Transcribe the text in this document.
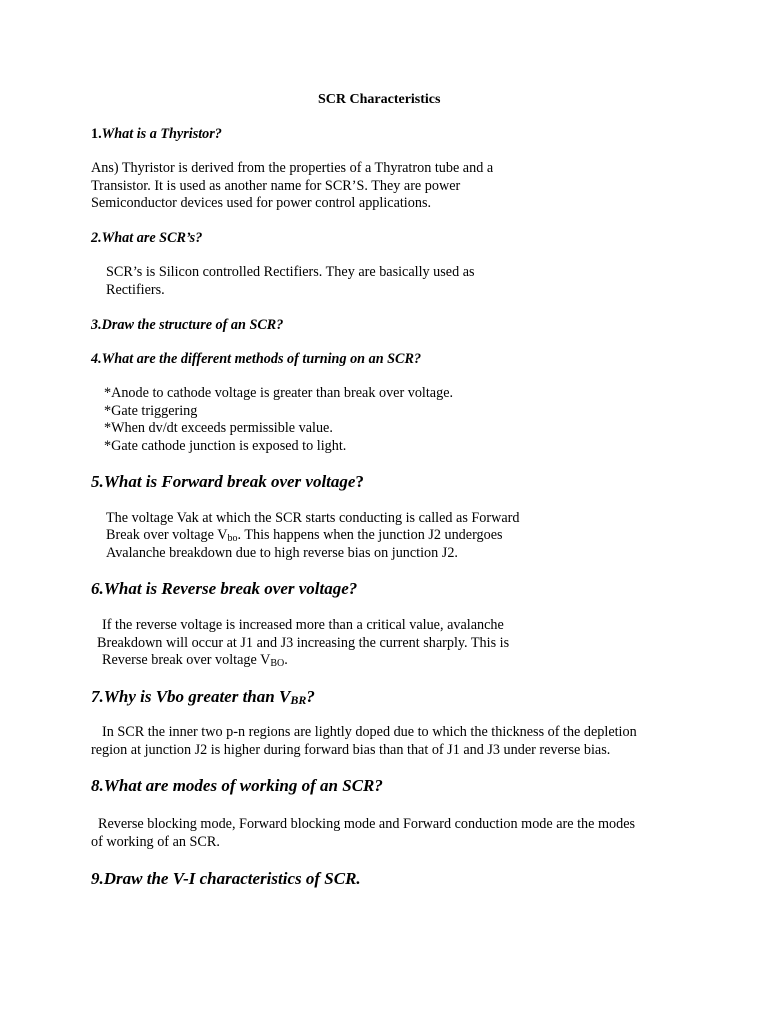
SCR Characteristics
1.What is a Thyristor?
Ans) Thyristor is derived from the properties of a Thyratron tube and a
Transistor. It is used as another name for SCR’S. They are power
Semiconductor devices used for power control applications.
2.What are SCR’s?
SCR’s is Silicon controlled Rectifiers. They are basically used as
Rectifiers.
3.Draw the structure of an SCR?
4.What are the different methods of turning on an SCR?
*Anode to cathode voltage is greater than break over voltage.
*Gate triggering
*When dv/dt exceeds permissible value.
*Gate cathode junction is exposed to light.
5.What is Forward break over voltage?
The voltage Vak at which the SCR starts conducting is called as Forward
Break over voltage $V_{bo}$. This happens when the junction J2 undergoes
Avalanche breakdown due to high reverse bias on junction J2.
6.What is Reverse break over voltage?
If the reverse voltage is increased more than a critical value, avalanche
Breakdown will occur at J1 and J3 increasing the current sharply. This is
Reverse break over voltage $V_{BO}$.
7.Why is Vbo greater than $V_{BR}$?
In SCR the inner two p-n regions are lightly doped due to which the thickness of the depletion
region at junction J2 is higher during forward bias than that of J1 and J3 under reverse bias.
8.What are modes of working of an SCR?
Reverse blocking mode, Forward blocking mode and Forward conduction mode are the modes
of working of an SCR.
9.Draw the V-I characteristics of SCR.
